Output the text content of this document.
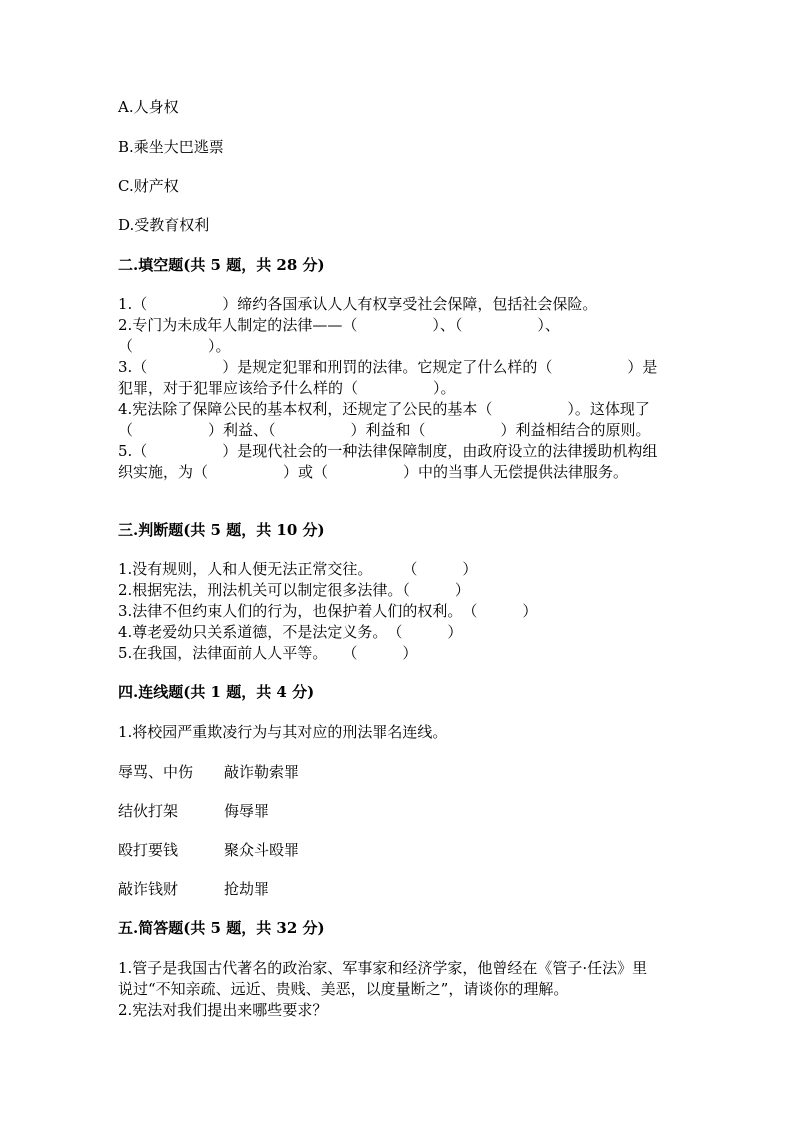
A.人身权
B.乘坐大巴逃票
C.财产权
D.受教育权利
二.填空题(共 5 题，共 28 分)

1.（　　　　　）缔约各国承认人人有权享受社会保障，包括社会保险。

2.专门为未成年人制定的法律——（　　　　　）、（　　　　　）、（　　　　　）。

3.（　　　　　）是规定犯罪和刑罚的法律。它规定了什么样的（　　　　　）是犯罪，对于犯罪应该给予什么样的（　　　　　）。

4.宪法除了保障公民的基本权利，还规定了公民的基本（　　　　　）。这体现了（　　　　　）利益、（　　　　　）利益和（　　　　　）利益相结合的原则。

5.（　　　　　）是现代社会的一种法律保障制度，由政府设立的法律援助机构组织实施，为（　　　　　）或（　　　　　）中的当事人无偿提供法律服务。

三.判断题(共 5 题，共 10 分)

1.没有规则，人和人便无法正常交往。　　　（　　　）

2.根据宪法，刑法机关可以制定很多法律。（　　　）

3.法律不但约束人们的行为，也保护着人们的权利。　（　　　）

4.尊老爱幼只关系道德，不是法定义务。　（　　　）

5.在我国，法律面前人人平等。　　（　　　）

四.连线题(共 1 题，共 4 分)
1.将校园严重欺凌行为与其对应的刑法罪名连线。
辱骂、中伤 敲诈勒索罪
结伙打架	侮辱罪
殴打要钱	聚众斗殴罪
敲诈钱财	抢劫罪
五.简答题(共 5 题，共 32 分)

1.管子是我国古代著名的政治家、军事家和经济学家，他曾经在《管子·任法》里说过“不知亲疏、远近、贵贱、美恶，以度量断之”，请谈你的理解。

2.宪法对我们提出来哪些要求？
